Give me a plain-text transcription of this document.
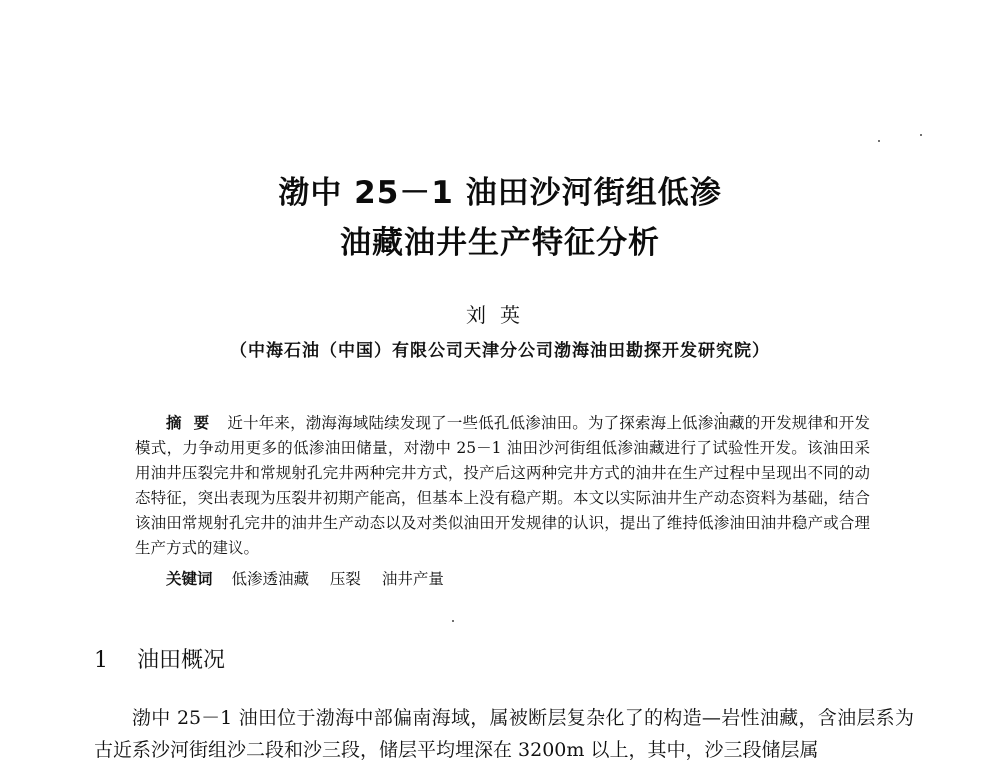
渤中 25－1 油田沙河街组低渗
油藏油井生产特征分析
刘英
（中海石油（中国）有限公司天津分公司渤海油田勘探开发研究院）
摘要 近十年来，渤海海域陆续发现了一些低孔低渗油田。为了探索海上低渗油藏的开发规律和开发模式，力争动用更多的低渗油田储量，对渤中 25－1 油田沙河街组低渗油藏进行了试验性开发。该油田采用油井压裂完井和常规射孔完井两种完井方式，投产后这两种完井方式的油井在生产过程中呈现出不同的动态特征，突出表现为压裂井初期产能高，但基本上没有稳产期。本文以实际油井生产动态资料为基础，结合该油田常规射孔完井的油井生产动态以及对类似油田开发规律的认识，提出了维持低渗油田油井稳产或合理生产方式的建议。
关键词 低渗透油藏 压裂 油井产量
1 油田概况
渤中 25－1 油田位于渤海中部偏南海域，属被断层复杂化了的构造—岩性油藏，含油层系为古近系沙河街组沙二段和沙三段，储层平均埋深在 3200m 以上，其中，沙三段储层属
